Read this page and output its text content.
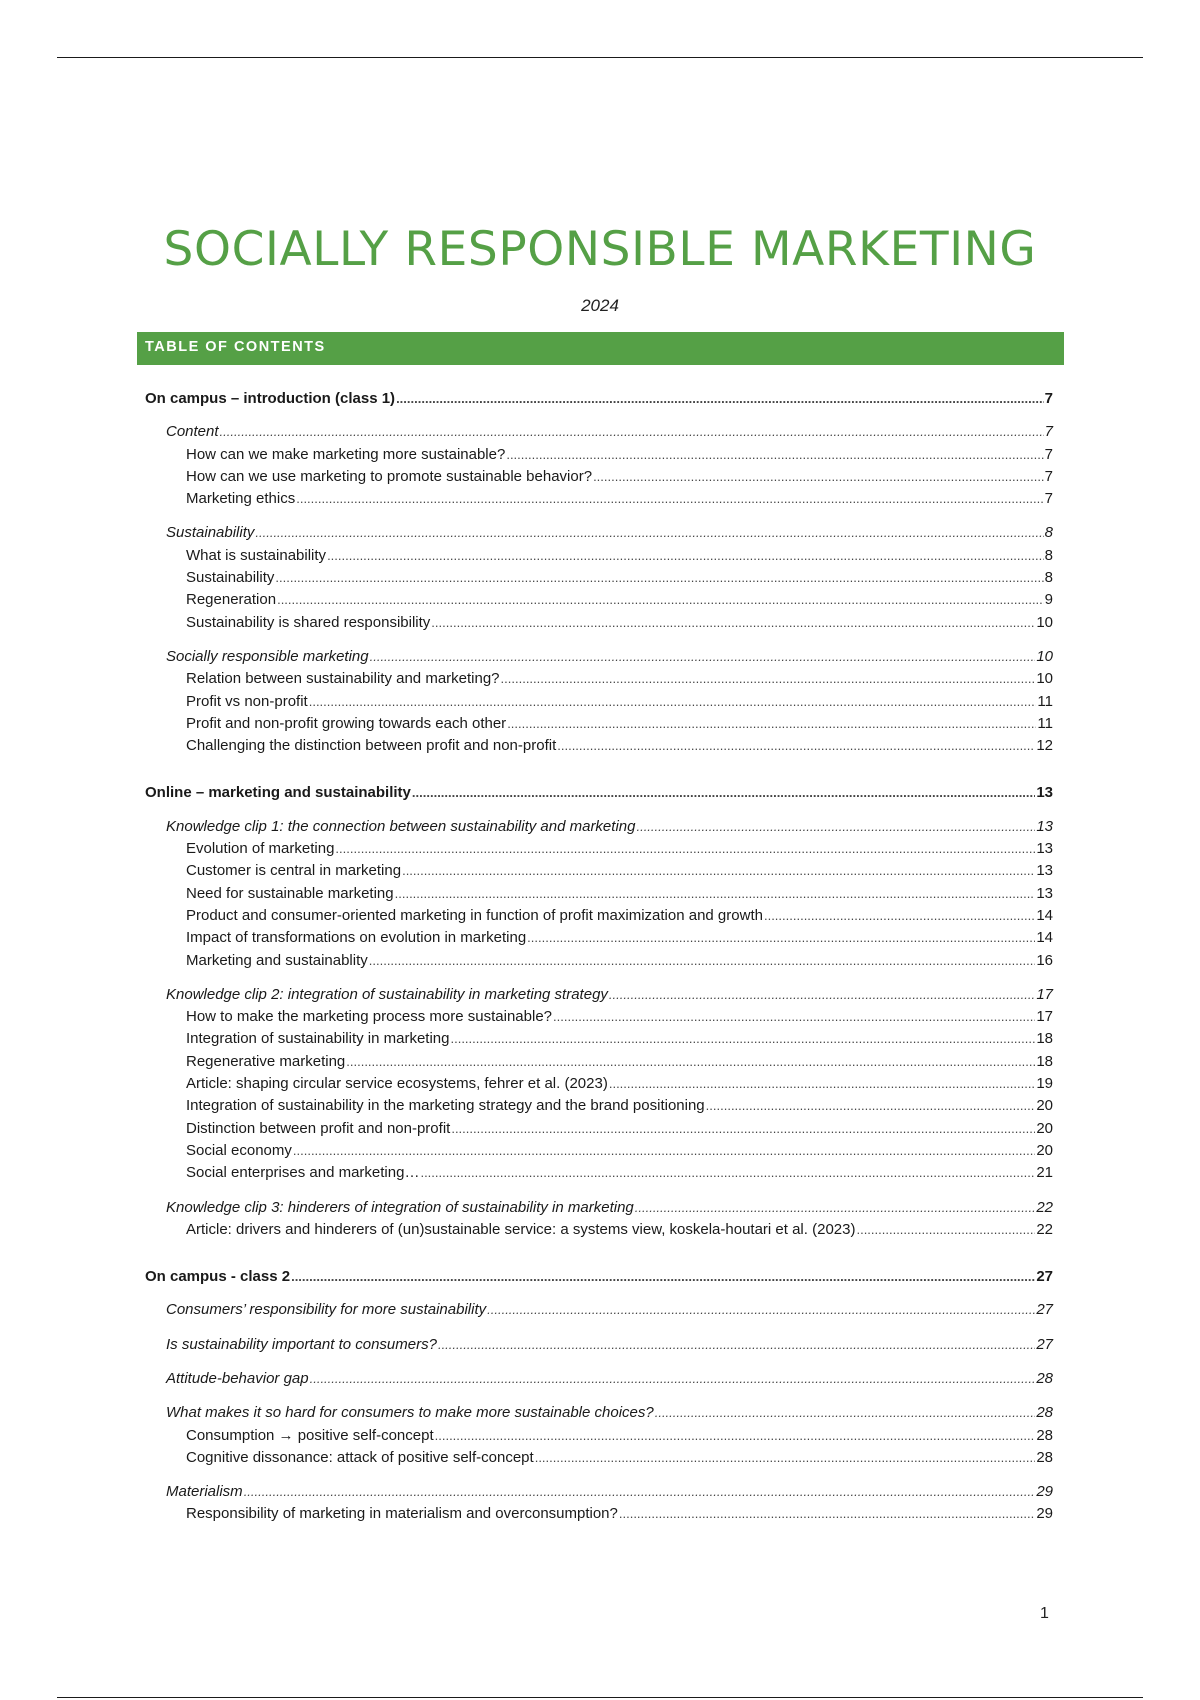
SOCIALLY RESPONSIBLE MARKETING
2024
TABLE OF CONTENTS
On campus – introduction (class 1) .....	7
Content .....	7
How can we make marketing more sustainable? .....	7
How can we use marketing to promote sustainable behavior? .....	7
Marketing ethics .....	7
Sustainability .....	8
What is sustainability .....	8
Sustainability .....	8
Regeneration .....	9
Sustainability is shared responsibility .....	10
Socially responsible marketing .....	10
Relation between sustainability and marketing? .....	10
Profit vs non-profit .....	11
Profit and non-profit growing towards each other .....	11
Challenging the distinction between profit and non-profit .....	12
Online – marketing and sustainability .....	13
Knowledge clip 1: the connection between sustainability and marketing .....	13
Evolution of marketing .....	13
Customer is central in marketing .....	13
Need for sustainable marketing .....	13
Product and consumer-oriented marketing in function of profit maximization and growth .....	14
Impact of transformations on evolution in marketing .....	14
Marketing and sustainablity .....	16
Knowledge clip 2: integration of sustainability in marketing strategy .....	17
How to make the marketing process more sustainable? .....	17
Integration of sustainability in marketing .....	18
Regenerative marketing .....	18
Article: shaping circular service ecosystems, fehrer et al. (2023) .....	19
Integration of sustainability in the marketing strategy and the brand positioning .....	20
Distinction between profit and non-profit .....	20
Social economy .....	20
Social enterprises and marketing… .....	21
Knowledge clip 3: hinderers of integration of sustainability in marketing .....	22
Article: drivers and hinderers of (un)sustainable service: a systems view, koskela-houtari et al. (2023) .....	22
On campus - class 2 .....	27
Consumers’ responsibility for more sustainability .....	27
Is sustainability important to consumers? .....	27
Attitude-behavior gap .....	28
What makes it so hard for consumers to make more sustainable choices? .....	28
Consumption → positive self-concept .....	28
Cognitive dissonance: attack of positive self-concept .....	28
Materialism .....	29
Responsibility of marketing in materialism and overconsumption? .....	29
1
